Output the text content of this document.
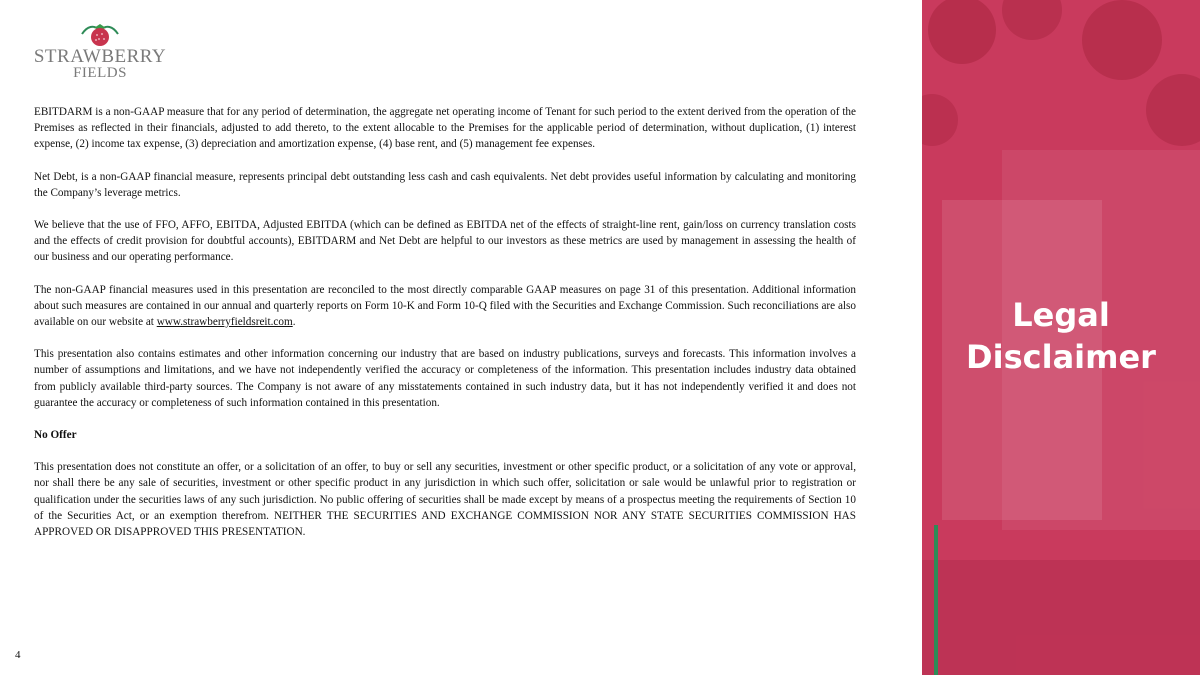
STRAWBERRY
FIELDS

EBITDARM is a non-GAAP measure that for any period of determination, the aggregate net operating income of Tenant for such period to the extent derived from the operation of the Premises as reflected in their financials, adjusted to add thereto, to the extent allocable to the Premises for the applicable period of determination, without duplication, (1) interest expense, (2) income tax expense, (3) depreciation and amortization expense, (4) base rent, and (5) management fee expenses.

Net Debt, is a non-GAAP financial measure, represents principal debt outstanding less cash and cash equivalents. Net debt provides useful information by calculating and monitoring the Company’s leverage metrics.

We believe that the use of FFO, AFFO, EBITDA, Adjusted EBITDA (which can be defined as EBITDA net of the effects of straight-line rent, gain/loss on currency translation costs and the effects of credit provision for doubtful accounts), EBITDARM and Net Debt are helpful to our investors as these metrics are used by management in assessing the health of our business and our operating performance.

The non-GAAP financial measures used in this presentation are reconciled to the most directly comparable GAAP measures on page 31 of this presentation. Additional information about such measures are contained in our annual and quarterly reports on Form 10-K and Form 10-Q filed with the Securities and Exchange Commission. Such reconciliations are also available on our website at www.strawberryfieldsreit.com.

This presentation also contains estimates and other information concerning our industry that are based on industry publications, surveys and forecasts. This information involves a number of assumptions and limitations, and we have not independently verified the accuracy or completeness of the information. This presentation includes industry data obtained from publicly available third-party sources. The Company is not aware of any misstatements contained in such industry data, but it has not independently verified it and does not guarantee the accuracy or completeness of such information contained in this presentation.

No Offer

This presentation does not constitute an offer, or a solicitation of an offer, to buy or sell any securities, investment or other specific product, or a solicitation of any vote or approval, nor shall there be any sale of securities, investment or other specific product in any jurisdiction in which such offer, solicitation or sale would be unlawful prior to registration or qualification under the securities laws of any such jurisdiction. No public offering of securities shall be made except by means of a prospectus meeting the requirements of Section 10 of the Securities Act, or an exemption therefrom. NEITHER THE SECURITIES AND EXCHANGE COMMISSION NOR ANY STATE SECURITIES COMMISSION HAS APPROVED OR DISAPPROVED THIS PRESENTATION.

4
Legal
Disclaimer
